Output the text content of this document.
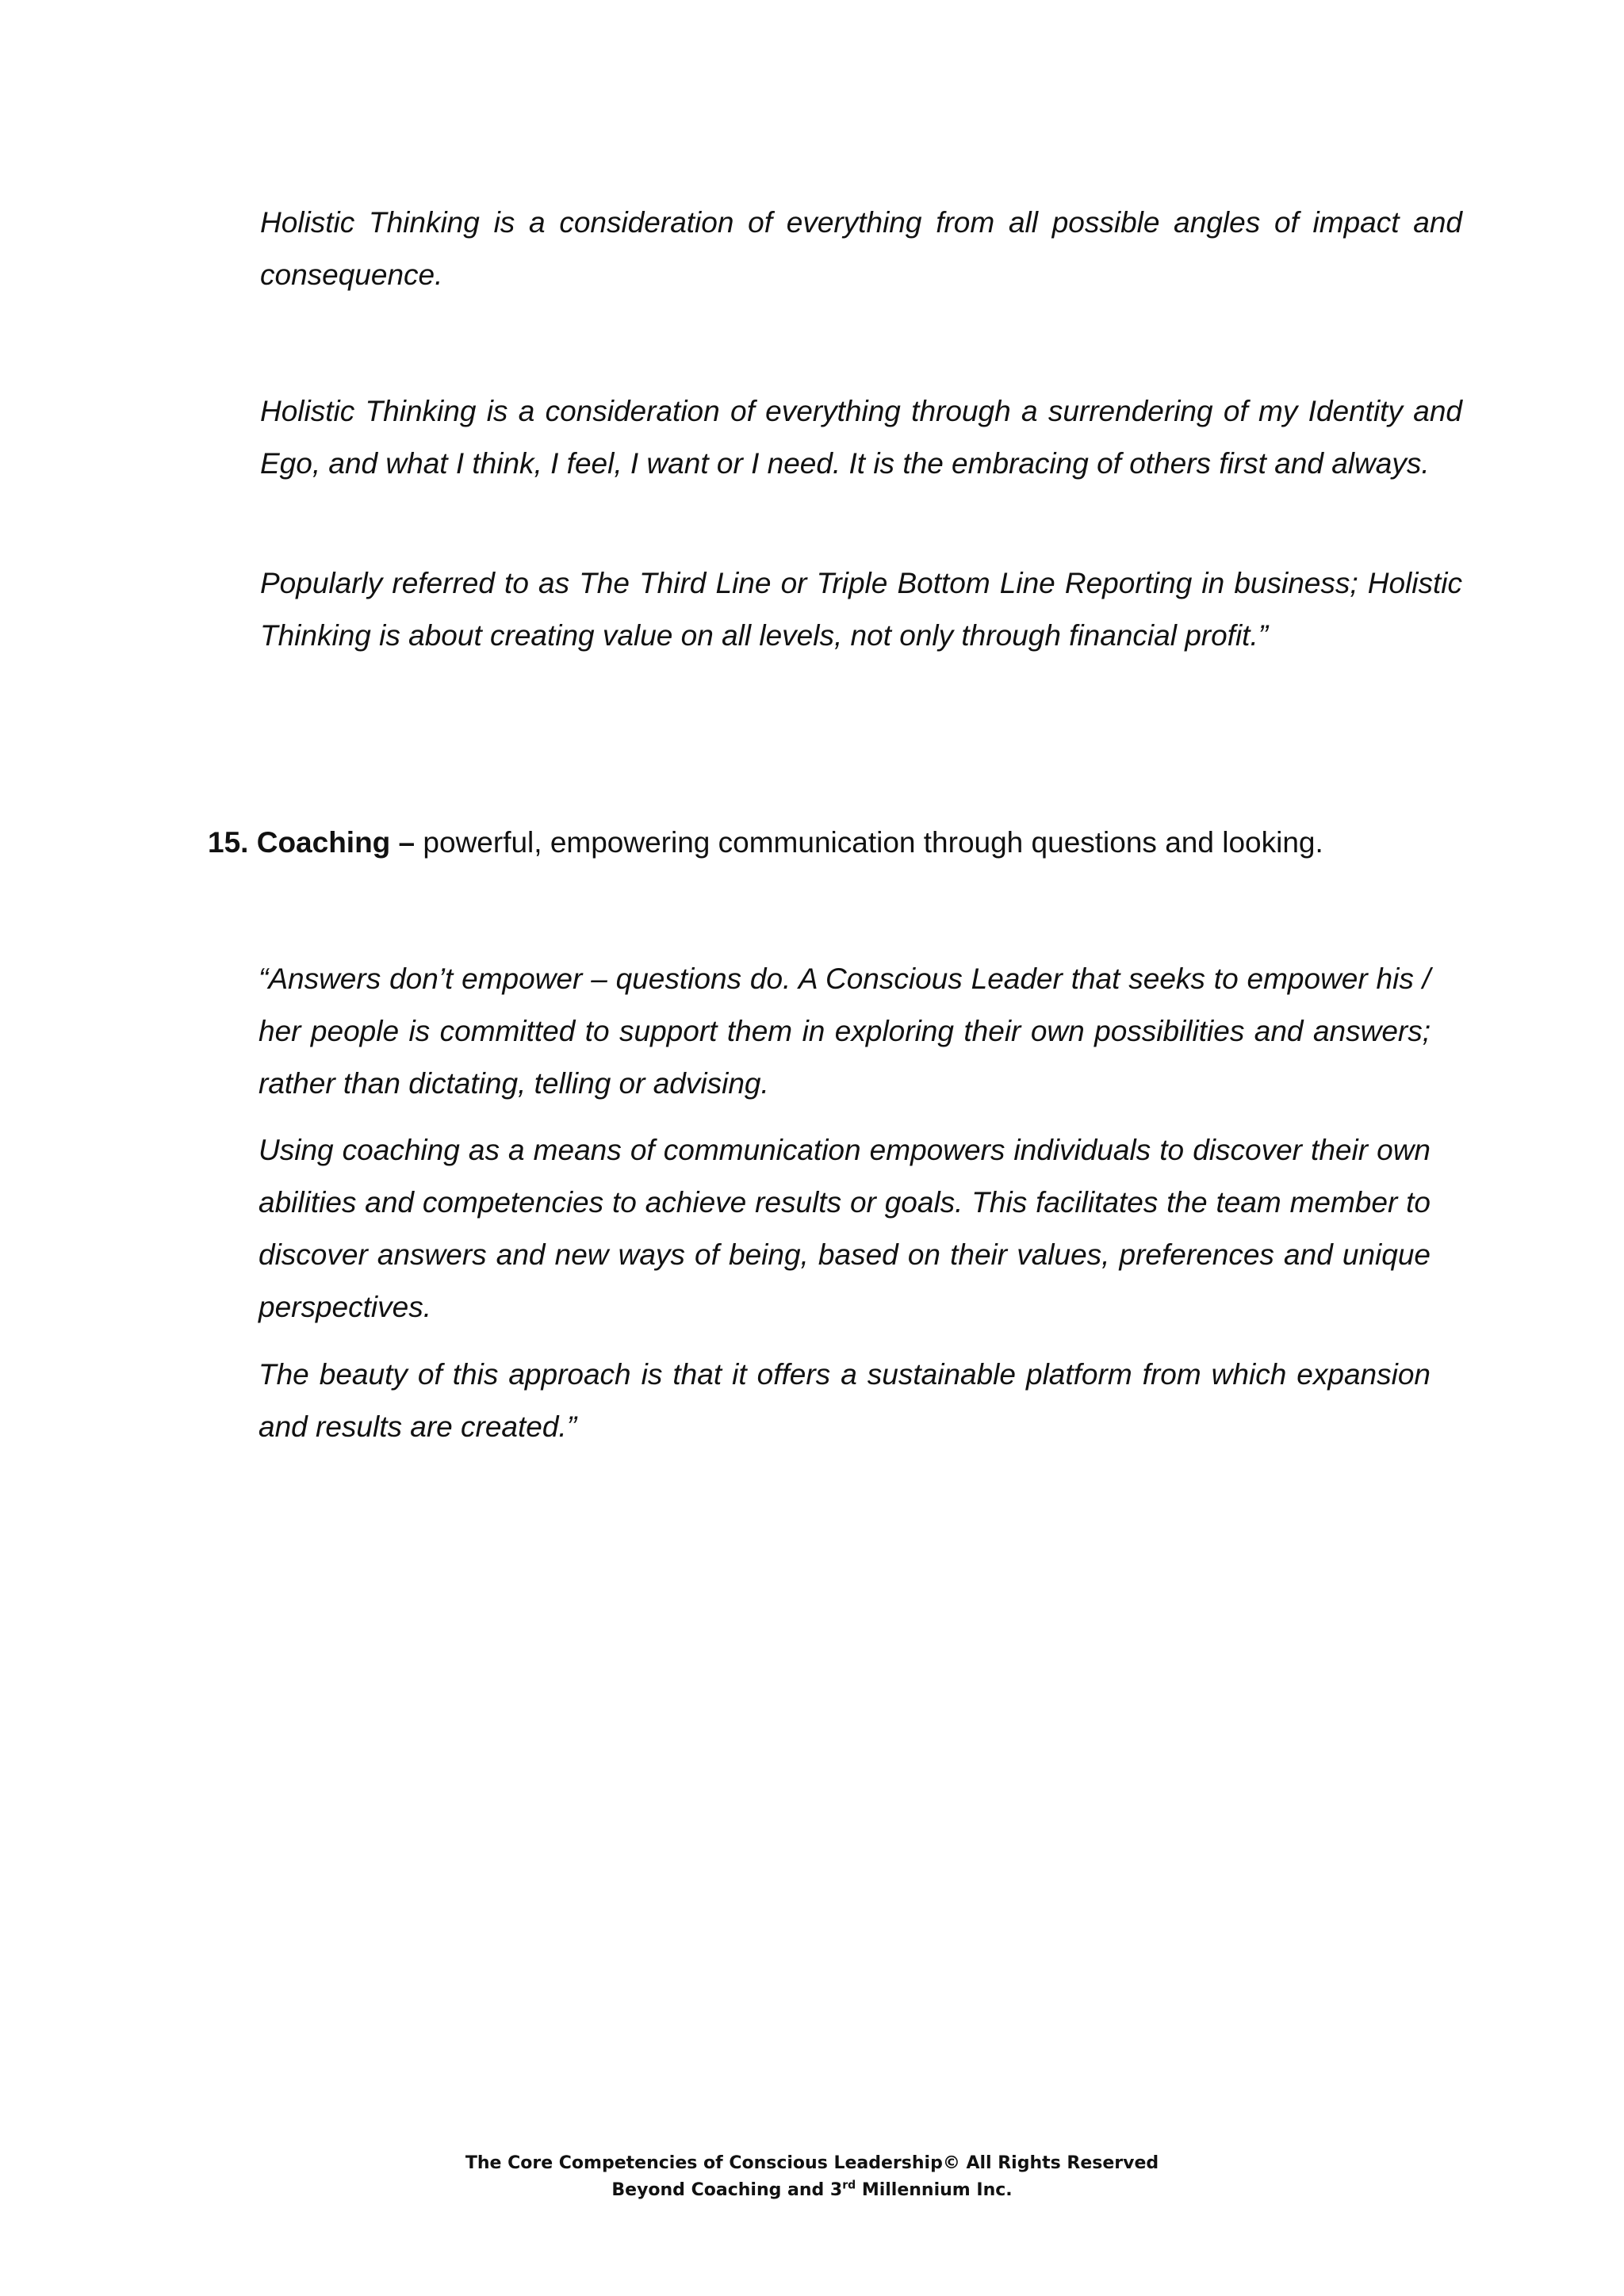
Holistic Thinking is a consideration of everything from all possible angles of impact and consequence.

Holistic Thinking is a consideration of everything through a surrendering of my Identity and Ego, and what I think, I feel, I want or I need. It is the embracing of others first and always.

Popularly referred to as The Third Line or Triple Bottom Line Reporting in business; Holistic Thinking is about creating value on all levels, not only through financial profit.”

15. Coaching – powerful, empowering communication through questions and looking.

“Answers don’t empower – questions do. A Conscious Leader that seeks to empower his / her people is committed to support them in exploring their own possibilities and answers; rather than dictating, telling or advising.

Using coaching as a means of communication empowers individuals to discover their own abilities and competencies to achieve results or goals. This facilitates the team member to discover answers and new ways of being, based on their values, preferences and unique perspectives.

The beauty of this approach is that it offers a sustainable platform from which expansion and results are created.”

The Core Competencies of Conscious Leadership© All Rights Reserved
Beyond Coaching and 3rd Millennium Inc.
